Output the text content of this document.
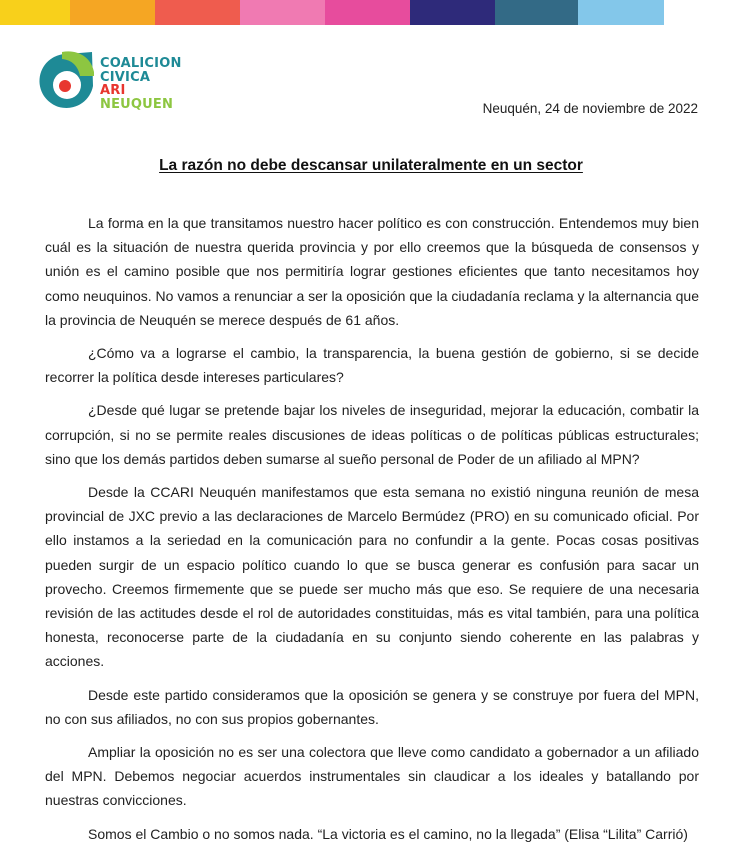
COALICION
CIVICA
ARI
NEUQUEN	Neuquén, 24 de noviembre de 2022
La razón no debe descansar unilateralmente en un sector

La forma en la que transitamos nuestro hacer político es con construcción. Entendemos muy bien cuál es la situación de nuestra querida provincia y por ello creemos que la búsqueda de consensos y unión es el camino posible que nos permitiría lograr gestiones eficientes que tanto necesitamos hoy como neuquinos. No vamos a renunciar a ser la oposición que la ciudadanía reclama y la alternancia que la provincia de Neuquén se merece después de 61 años.

¿Cómo va a lograrse el cambio, la transparencia, la buena gestión de gobierno, si se decide recorrer la política desde intereses particulares?

¿Desde qué lugar se pretende bajar los niveles de inseguridad, mejorar la educación, combatir la corrupción, si no se permite reales discusiones de ideas políticas o de políticas públicas estructurales; sino que los demás partidos deben sumarse al sueño personal de Poder de un afiliado al MPN?

Desde la CCARI Neuquén manifestamos que esta semana no existió ninguna reunión de mesa provincial de JXC previo a las declaraciones de Marcelo Bermúdez (PRO) en su comunicado oficial. Por ello instamos a la seriedad en la comunicación para no confundir a la gente. Pocas cosas positivas pueden surgir de un espacio político cuando lo que se busca generar es confusión para sacar un provecho. Creemos firmemente que se puede ser mucho más que eso. Se requiere de una necesaria revisión de las actitudes desde el rol de autoridades constituidas, más es vital también, para una política honesta, reconocerse parte de la ciudadanía en su conjunto siendo coherente en las palabras y acciones.

Desde este partido consideramos que la oposición se genera y se construye por fuera del MPN, no con sus afiliados, no con sus propios gobernantes.

Ampliar la oposición no es ser una colectora que lleve como candidato a gobernador a un afiliado del MPN. Debemos negociar acuerdos instrumentales sin claudicar a los ideales y batallando por nuestras convicciones.

Somos el Cambio o no somos nada. “La victoria es el camino, no la llegada” (Elisa “Lilita” Carrió)
